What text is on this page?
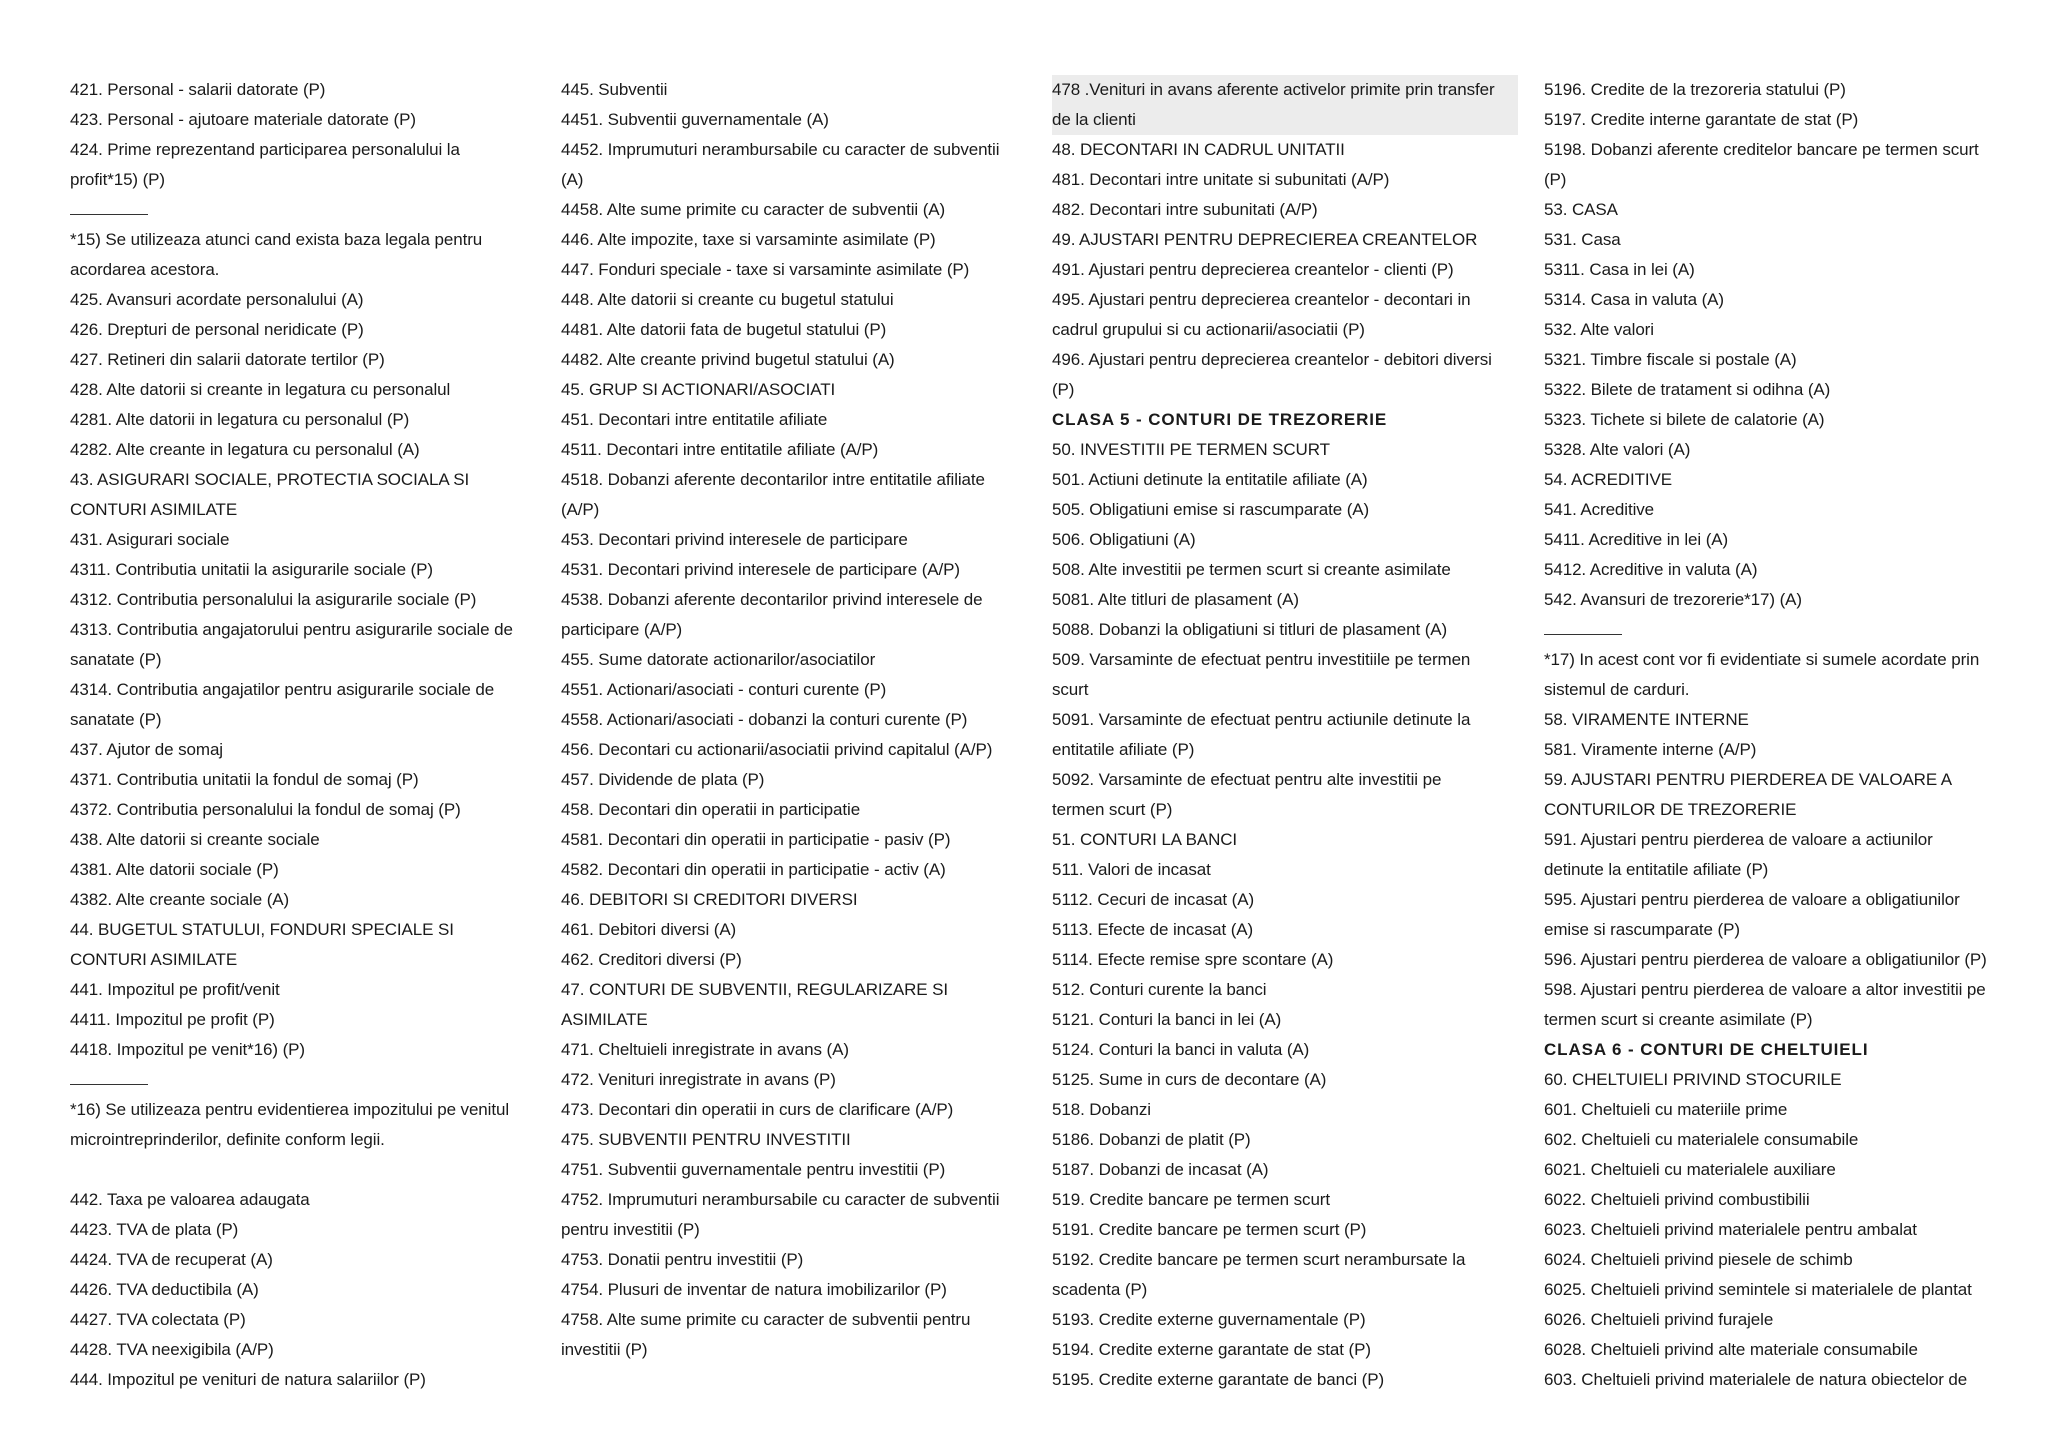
421. Personal - salarii datorate (P)
423. Personal - ajutoare materiale datorate (P)
424. Prime reprezentand participarea personalului la
profit*15) (P)
*15) Se utilizeaza atunci cand exista baza legala pentru
acordarea acestora.
425. Avansuri acordate personalului (A)
426. Drepturi de personal neridicate (P)
427. Retineri din salarii datorate tertilor (P)
428. Alte datorii si creante in legatura cu personalul
4281. Alte datorii in legatura cu personalul (P)
4282. Alte creante in legatura cu personalul (A)
43. ASIGURARI SOCIALE, PROTECTIA SOCIALA SI
CONTURI ASIMILATE
431. Asigurari sociale
4311. Contributia unitatii la asigurarile sociale (P)
4312. Contributia personalului la asigurarile sociale (P)
4313. Contributia angajatorului pentru asigurarile sociale de
sanatate (P)
4314. Contributia angajatilor pentru asigurarile sociale de
sanatate (P)
437. Ajutor de somaj
4371. Contributia unitatii la fondul de somaj (P)
4372. Contributia personalului la fondul de somaj (P)
438. Alte datorii si creante sociale
4381. Alte datorii sociale (P)
4382. Alte creante sociale (A)
44. BUGETUL STATULUI, FONDURI SPECIALE SI
CONTURI ASIMILATE
441. Impozitul pe profit/venit
4411. Impozitul pe profit (P)
4418. Impozitul pe venit*16) (P)
*16) Se utilizeaza pentru evidentierea impozitului pe venitul
microintreprinderilor, definite conform legii.
442. Taxa pe valoarea adaugata
4423. TVA de plata (P)
4424. TVA de recuperat (A)
4426. TVA deductibila (A)
4427. TVA colectata (P)
4428. TVA neexigibila (A/P)
444. Impozitul pe venituri de natura salariilor (P)
445. Subventii
4451. Subventii guvernamentale (A)
4452. Imprumuturi nerambursabile cu caracter de subventii
(A)
4458. Alte sume primite cu caracter de subventii (A)
446. Alte impozite, taxe si varsaminte asimilate (P)
447. Fonduri speciale - taxe si varsaminte asimilate (P)
448. Alte datorii si creante cu bugetul statului
4481. Alte datorii fata de bugetul statului (P)
4482. Alte creante privind bugetul statului (A)
45. GRUP SI ACTIONARI/ASOCIATI
451. Decontari intre entitatile afiliate
4511. Decontari intre entitatile afiliate (A/P)
4518. Dobanzi aferente decontarilor intre entitatile afiliate
(A/P)
453. Decontari privind interesele de participare
4531. Decontari privind interesele de participare (A/P)
4538. Dobanzi aferente decontarilor privind interesele de
participare (A/P)
455. Sume datorate actionarilor/asociatilor
4551. Actionari/asociati - conturi curente (P)
4558. Actionari/asociati - dobanzi la conturi curente (P)
456. Decontari cu actionarii/asociatii privind capitalul (A/P)
457. Dividende de plata (P)
458. Decontari din operatii in participatie
4581. Decontari din operatii in participatie - pasiv (P)
4582. Decontari din operatii in participatie - activ (A)
46. DEBITORI SI CREDITORI DIVERSI
461. Debitori diversi (A)
462. Creditori diversi (P)
47. CONTURI DE SUBVENTII, REGULARIZARE SI
ASIMILATE
471. Cheltuieli inregistrate in avans (A)
472. Venituri inregistrate in avans (P)
473. Decontari din operatii in curs de clarificare (A/P)
475. SUBVENTII PENTRU INVESTITII
4751. Subventii guvernamentale pentru investitii (P)
4752. Imprumuturi nerambursabile cu caracter de subventii
pentru investitii (P)
4753. Donatii pentru investitii (P)
4754. Plusuri de inventar de natura imobilizarilor (P)
4758. Alte sume primite cu caracter de subventii pentru
investitii (P)
478 .Venituri in avans aferente activelor primite prin transfer
de la clienti
48. DECONTARI IN CADRUL UNITATII
481. Decontari intre unitate si subunitati (A/P)
482. Decontari intre subunitati (A/P)
49. AJUSTARI PENTRU DEPRECIEREA CREANTELOR
491. Ajustari pentru deprecierea creantelor - clienti (P)
495. Ajustari pentru deprecierea creantelor - decontari in
cadrul grupului si cu actionarii/asociatii (P)
496. Ajustari pentru deprecierea creantelor - debitori diversi
(P)
CLASA 5 - CONTURI DE TREZORERIE
50. INVESTITII PE TERMEN SCURT
501. Actiuni detinute la entitatile afiliate (A)
505. Obligatiuni emise si rascumparate (A)
506. Obligatiuni (A)
508. Alte investitii pe termen scurt si creante asimilate
5081. Alte titluri de plasament (A)
5088. Dobanzi la obligatiuni si titluri de plasament (A)
509. Varsaminte de efectuat pentru investitiile pe termen
scurt
5091. Varsaminte de efectuat pentru actiunile detinute la
entitatile afiliate (P)
5092. Varsaminte de efectuat pentru alte investitii pe
termen scurt (P)
51. CONTURI LA BANCI
511. Valori de incasat
5112. Cecuri de incasat (A)
5113. Efecte de incasat (A)
5114. Efecte remise spre scontare (A)
512. Conturi curente la banci
5121. Conturi la banci in lei (A)
5124. Conturi la banci in valuta (A)
5125. Sume in curs de decontare (A)
518. Dobanzi
5186. Dobanzi de platit (P)
5187. Dobanzi de incasat (A)
519. Credite bancare pe termen scurt
5191. Credite bancare pe termen scurt (P)
5192. Credite bancare pe termen scurt nerambursate la
scadenta (P)
5193. Credite externe guvernamentale (P)
5194. Credite externe garantate de stat (P)
5195. Credite externe garantate de banci (P)
5196. Credite de la trezoreria statului (P)
5197. Credite interne garantate de stat (P)
5198. Dobanzi aferente creditelor bancare pe termen scurt
(P)
53. CASA
531. Casa
5311. Casa in lei (A)
5314. Casa in valuta (A)
532. Alte valori
5321. Timbre fiscale si postale (A)
5322. Bilete de tratament si odihna (A)
5323. Tichete si bilete de calatorie (A)
5328. Alte valori (A)
54. ACREDITIVE
541. Acreditive
5411. Acreditive in lei (A)
5412. Acreditive in valuta (A)
542. Avansuri de trezorerie*17) (A)
*17) In acest cont vor fi evidentiate si sumele acordate prin
sistemul de carduri.
58. VIRAMENTE INTERNE
581. Viramente interne (A/P)
59. AJUSTARI PENTRU PIERDEREA DE VALOARE A
CONTURILOR DE TREZORERIE
591. Ajustari pentru pierderea de valoare a actiunilor
detinute la entitatile afiliate (P)
595. Ajustari pentru pierderea de valoare a obligatiunilor
emise si rascumparate (P)
596. Ajustari pentru pierderea de valoare a obligatiunilor (P)
598. Ajustari pentru pierderea de valoare a altor investitii pe
termen scurt si creante asimilate (P)
CLASA 6 - CONTURI DE CHELTUIELI
60. CHELTUIELI PRIVIND STOCURILE
601. Cheltuieli cu materiile prime
602. Cheltuieli cu materialele consumabile
6021. Cheltuieli cu materialele auxiliare
6022. Cheltuieli privind combustibilii
6023. Cheltuieli privind materialele pentru ambalat
6024. Cheltuieli privind piesele de schimb
6025. Cheltuieli privind semintele si materialele de plantat
6026. Cheltuieli privind furajele
6028. Cheltuieli privind alte materiale consumabile
603. Cheltuieli privind materialele de natura obiectelor de
